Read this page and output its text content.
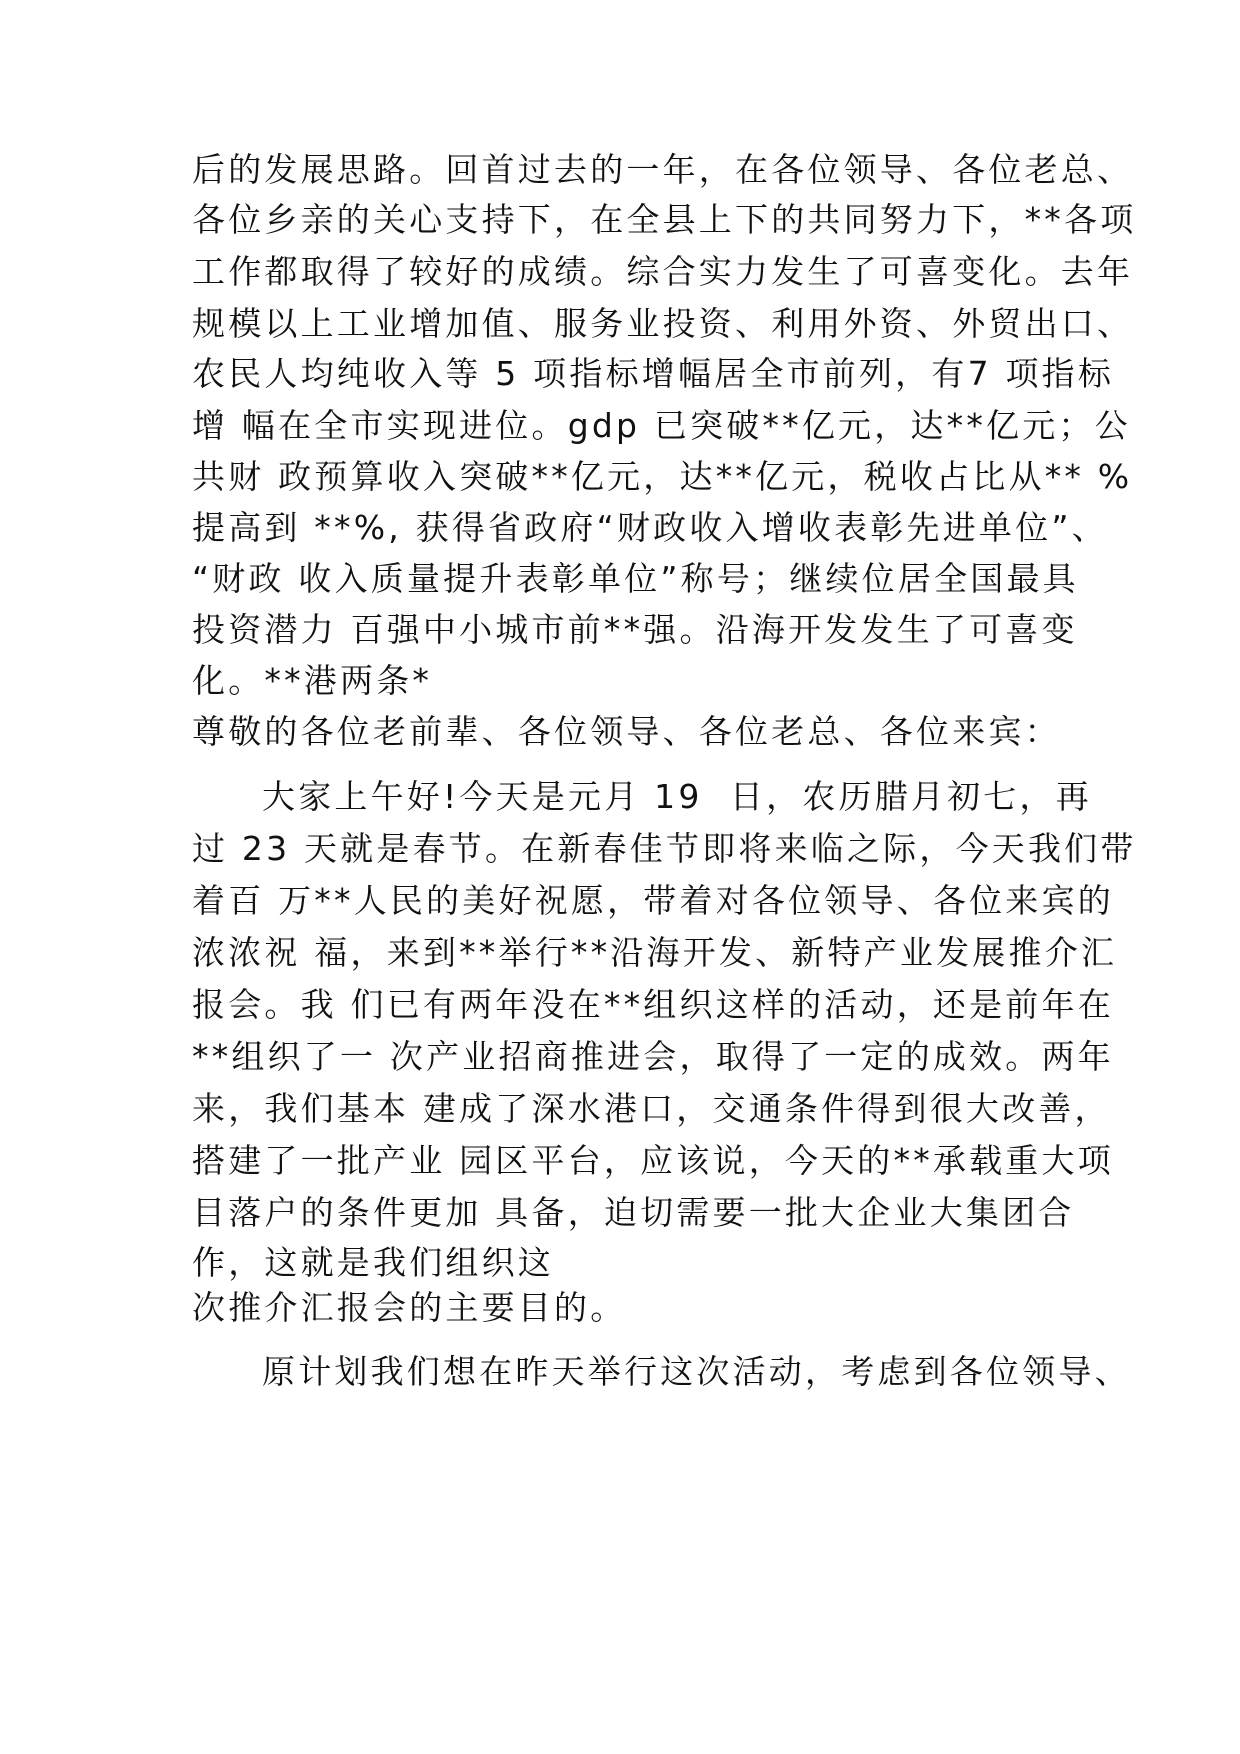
后的发展思路。回首过去的一年，在各位领导、各位老总、
各位乡亲的关心支持下，在全县上下的共同努力下，**各项
工作都取得了较好的成绩。综合实力发生了可喜变化。去年
规模以上工业增加值、服务业投资、利用外资、外贸出口、
农民人均纯收入等 5 项指标增幅居全市前列，有7 项指标
增 幅在全市实现进位。gdp 已突破**亿元，达**亿元；公
共财 政预算收入突破**亿元，达**亿元，税收占比从** %
提高到 **%, 获得省政府“财政收入增收表彰先进单位”、
“财政 收入质量提升表彰单位”称号；继续位居全国最具
投资潜力 百强中小城市前**强。沿海开发发生了可喜变
化。**港两条*
尊敬的各位老前辈、各位领导、各位老总、各位来宾：
大家上午好!今天是元月 19  日，农历腊月初七，再
过 23 天就是春节。在新春佳节即将来临之际，今天我们带
着百 万**人民的美好祝愿，带着对各位领导、各位来宾的
浓浓祝 福，来到**举行**沿海开发、新特产业发展推介汇
报会。我 们已有两年没在**组织这样的活动，还是前年在
**组织了一 次产业招商推进会，取得了一定的成效。两年
来，我们基本 建成了深水港口，交通条件得到很大改善，
搭建了一批产业 园区平台，应该说，今天的**承载重大项
目落户的条件更加 具备，迫切需要一批大企业大集团合
作，这就是我们组织这
次推介汇报会的主要目的。
原计划我们想在昨天举行这次活动，考虑到各位领导、
